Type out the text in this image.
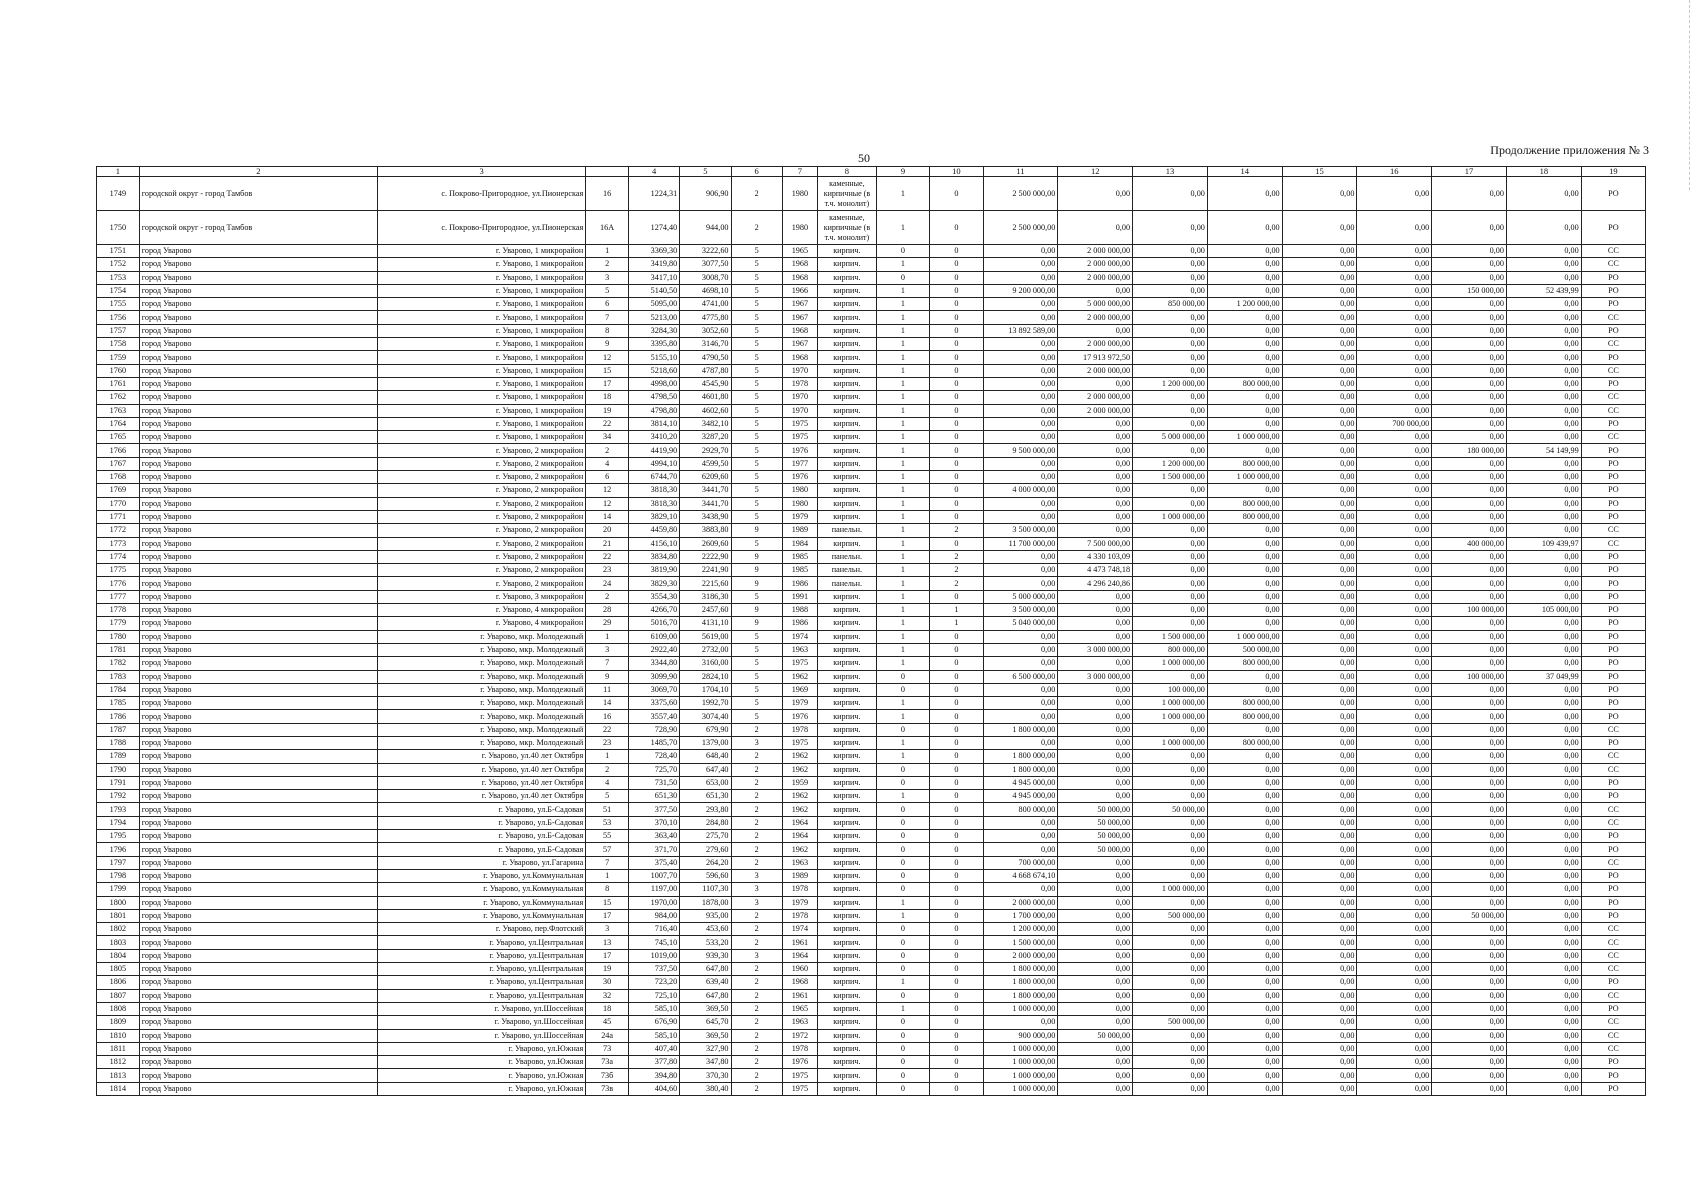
50
Продолжение приложения № 3
1	2	3		4	5	6	7	8	9	10	11	12	13	14	15	16	17	18	19
1749	городской округ - город Тамбов	с. Покрово-Пригородное, ул.Пионерская	16	1224,31	906,90	2	1980	каменные, кирпичные (в т.ч. монолит)	1	0	2 500 000,00	0,00	0,00	0,00	0,00	0,00	0,00	0,00	РО
1750	городской округ - город Тамбов	с. Покрово-Пригородное, ул.Пионерская	16А	1274,40	944,00	2	1980	каменные, кирпичные (в т.ч. монолит)	1	0	2 500 000,00	0,00	0,00	0,00	0,00	0,00	0,00	0,00	РО
1751	город Уварово	г. Уварово, 1 микрорайон	1	3369,30	3222,60	5	1965	кирпич.	0	0	0,00	2 000 000,00	0,00	0,00	0,00	0,00	0,00	0,00	СС
1752	город Уварово	г. Уварово, 1 микрорайон	2	3419,80	3077,50	5	1968	кирпич.	1	0	0,00	2 000 000,00	0,00	0,00	0,00	0,00	0,00	0,00	СС
1753	город Уварово	г. Уварово, 1 микрорайон	3	3417,10	3008,70	5	1968	кирпич.	0	0	0,00	2 000 000,00	0,00	0,00	0,00	0,00	0,00	0,00	РО
1754	город Уварово	г. Уварово, 1 микрорайон	5	5140,50	4698,10	5	1966	кирпич.	1	0	9 200 000,00	0,00	0,00	0,00	0,00	0,00	150 000,00	52 439,99	РО
1755	город Уварово	г. Уварово, 1 микрорайон	6	5095,00	4741,00	5	1967	кирпич.	1	0	0,00	5 000 000,00	850 000,00	1 200 000,00	0,00	0,00	0,00	0,00	РО
1756	город Уварово	г. Уварово, 1 микрорайон	7	5213,00	4775,80	5	1967	кирпич.	1	0	0,00	2 000 000,00	0,00	0,00	0,00	0,00	0,00	0,00	СС
1757	город Уварово	г. Уварово, 1 микрорайон	8	3284,30	3052,60	5	1968	кирпич.	1	0	13 892 589,00	0,00	0,00	0,00	0,00	0,00	0,00	0,00	РО
1758	город Уварово	г. Уварово, 1 микрорайон	9	3395,80	3146,70	5	1967	кирпич.	1	0	0,00	2 000 000,00	0,00	0,00	0,00	0,00	0,00	0,00	СС
1759	город Уварово	г. Уварово, 1 микрорайон	12	5155,10	4790,50	5	1968	кирпич.	1	0	0,00	17 913 972,50	0,00	0,00	0,00	0,00	0,00	0,00	РО
1760	город Уварово	г. Уварово, 1 микрорайон	15	5218,60	4787,80	5	1970	кирпич.	1	0	0,00	2 000 000,00	0,00	0,00	0,00	0,00	0,00	0,00	СС
1761	город Уварово	г. Уварово, 1 микрорайон	17	4998,00	4545,90	5	1978	кирпич.	1	0	0,00	0,00	1 200 000,00	800 000,00	0,00	0,00	0,00	0,00	РО
1762	город Уварово	г. Уварово, 1 микрорайон	18	4798,50	4601,80	5	1970	кирпич.	1	0	0,00	2 000 000,00	0,00	0,00	0,00	0,00	0,00	0,00	СС
1763	город Уварово	г. Уварово, 1 микрорайон	19	4798,80	4602,60	5	1970	кирпич.	1	0	0,00	2 000 000,00	0,00	0,00	0,00	0,00	0,00	0,00	СС
1764	город Уварово	г. Уварово, 1 микрорайон	22	3814,10	3482,10	5	1975	кирпич.	1	0	0,00	0,00	0,00	0,00	0,00	700 000,00	0,00	0,00	РО
1765	город Уварово	г. Уварово, 1 микрорайон	34	3410,20	3287,20	5	1975	кирпич.	1	0	0,00	0,00	5 000 000,00	1 000 000,00	0,00	0,00	0,00	0,00	СС
1766	город Уварово	г. Уварово, 2 микрорайон	2	4419,90	2929,70	5	1976	кирпич.	1	0	9 500 000,00	0,00	0,00	0,00	0,00	0,00	180 000,00	54 149,99	РО
1767	город Уварово	г. Уварово, 2 микрорайон	4	4994,10	4599,50	5	1977	кирпич.	1	0	0,00	0,00	1 200 000,00	800 000,00	0,00	0,00	0,00	0,00	РО
1768	город Уварово	г. Уварово, 2 микрорайон	6	6744,70	6209,60	5	1976	кирпич.	1	0	0,00	0,00	1 500 000,00	1 000 000,00	0,00	0,00	0,00	0,00	РО
1769	город Уварово	г. Уварово, 2 микрорайон	12	3818,30	3441,70	5	1980	кирпич.	1	0	4 000 000,00	0,00	0,00	0,00	0,00	0,00	0,00	0,00	РО
1770	город Уварово	г. Уварово, 2 микрорайон	12	3818,30	3441,70	5	1980	кирпич.	1	0	0,00	0,00	0,00	800 000,00	0,00	0,00	0,00	0,00	РО
1771	город Уварово	г. Уварово, 2 микрорайон	14	3829,10	3438,90	5	1979	кирпич.	1	0	0,00	0,00	1 000 000,00	800 000,00	0,00	0,00	0,00	0,00	РО
1772	город Уварово	г. Уварово, 2 микрорайон	20	4459,80	3883,80	9	1989	панельн.	1	2	3 500 000,00	0,00	0,00	0,00	0,00	0,00	0,00	0,00	СС
1773	город Уварово	г. Уварово, 2 микрорайон	21	4156,10	2609,60	5	1984	кирпич.	1	0	11 700 000,00	7 500 000,00	0,00	0,00	0,00	0,00	400 000,00	109 439,97	СС
1774	город Уварово	г. Уварово, 2 микрорайон	22	3834,80	2222,90	9	1985	панельн.	1	2	0,00	4 330 103,09	0,00	0,00	0,00	0,00	0,00	0,00	РО
1775	город Уварово	г. Уварово, 2 микрорайон	23	3819,90	2241,90	9	1985	панельн.	1	2	0,00	4 473 748,18	0,00	0,00	0,00	0,00	0,00	0,00	РО
1776	город Уварово	г. Уварово, 2 микрорайон	24	3829,30	2215,60	9	1986	панельн.	1	2	0,00	4 296 240,86	0,00	0,00	0,00	0,00	0,00	0,00	РО
1777	город Уварово	г. Уварово, 3 микрорайон	2	3554,30	3186,30	5	1991	кирпич.	1	0	5 000 000,00	0,00	0,00	0,00	0,00	0,00	0,00	0,00	РО
1778	город Уварово	г. Уварово, 4 микрорайон	28	4266,70	2457,60	9	1988	кирпич.	1	1	3 500 000,00	0,00	0,00	0,00	0,00	0,00	100 000,00	105 000,00	РО
1779	город Уварово	г. Уварово, 4 микрорайон	29	5016,70	4131,10	9	1986	кирпич.	1	1	5 040 000,00	0,00	0,00	0,00	0,00	0,00	0,00	0,00	РО
1780	город Уварово	г. Уварово, мкр. Молодежный	1	6109,00	5619,00	5	1974	кирпич.	1	0	0,00	0,00	1 500 000,00	1 000 000,00	0,00	0,00	0,00	0,00	РО
1781	город Уварово	г. Уварово, мкр. Молодежный	3	2922,40	2732,00	5	1963	кирпич.	1	0	0,00	3 000 000,00	800 000,00	500 000,00	0,00	0,00	0,00	0,00	РО
1782	город Уварово	г. Уварово, мкр. Молодежный	7	3344,80	3160,00	5	1975	кирпич.	1	0	0,00	0,00	1 000 000,00	800 000,00	0,00	0,00	0,00	0,00	РО
1783	город Уварово	г. Уварово, мкр. Молодежный	9	3099,90	2824,10	5	1962	кирпич.	0	0	6 500 000,00	3 000 000,00	0,00	0,00	0,00	0,00	100 000,00	37 049,99	РО
1784	город Уварово	г. Уварово, мкр. Молодежный	11	3069,70	1704,10	5	1969	кирпич.	0	0	0,00	0,00	100 000,00	0,00	0,00	0,00	0,00	0,00	РО
1785	город Уварово	г. Уварово, мкр. Молодежный	14	3375,60	1992,70	5	1979	кирпич.	1	0	0,00	0,00	1 000 000,00	800 000,00	0,00	0,00	0,00	0,00	РО
1786	город Уварово	г. Уварово, мкр. Молодежный	16	3557,40	3074,40	5	1976	кирпич.	1	0	0,00	0,00	1 000 000,00	800 000,00	0,00	0,00	0,00	0,00	РО
1787	город Уварово	г. Уварово, мкр. Молодежный	22	728,90	679,90	2	1978	кирпич.	0	0	1 800 000,00	0,00	0,00	0,00	0,00	0,00	0,00	0,00	СС
1788	город Уварово	г. Уварово, мкр. Молодежный	23	1485,70	1379,00	3	1975	кирпич.	1	0	0,00	0,00	1 000 000,00	800 000,00	0,00	0,00	0,00	0,00	РО
1789	город Уварово	г. Уварово, ул.40 лет Октября	1	728,40	648,40	2	1962	кирпич.	1	0	1 800 000,00	0,00	0,00	0,00	0,00	0,00	0,00	0,00	СС
1790	город Уварово	г. Уварово, ул.40 лет Октября	2	725,70	647,40	2	1962	кирпич.	0	0	1 800 000,00	0,00	0,00	0,00	0,00	0,00	0,00	0,00	СС
1791	город Уварово	г. Уварово, ул.40 лет Октября	4	731,50	653,00	2	1959	кирпич.	0	0	4 945 000,00	0,00	0,00	0,00	0,00	0,00	0,00	0,00	РО
1792	город Уварово	г. Уварово, ул.40 лет Октября	5	651,30	651,30	2	1962	кирпич.	1	0	4 945 000,00	0,00	0,00	0,00	0,00	0,00	0,00	0,00	РО
1793	город Уварово	г. Уварово, ул.Б-Садовая	51	377,50	293,80	2	1962	кирпич.	0	0	800 000,00	50 000,00	50 000,00	0,00	0,00	0,00	0,00	0,00	СС
1794	город Уварово	г. Уварово, ул.Б-Садовая	53	370,10	284,80	2	1964	кирпич.	0	0	0,00	50 000,00	0,00	0,00	0,00	0,00	0,00	0,00	СС
1795	город Уварово	г. Уварово, ул.Б-Садовая	55	363,40	275,70	2	1964	кирпич.	0	0	0,00	50 000,00	0,00	0,00	0,00	0,00	0,00	0,00	РО
1796	город Уварово	г. Уварово, ул.Б-Садовая	57	371,70	279,60	2	1962	кирпич.	0	0	0,00	50 000,00	0,00	0,00	0,00	0,00	0,00	0,00	РО
1797	город Уварово	г. Уварово, ул.Гагарина	7	375,40	264,20	2	1963	кирпич.	0	0	700 000,00	0,00	0,00	0,00	0,00	0,00	0,00	0,00	СС
1798	город Уварово	г. Уварово, ул.Коммунальная	1	1007,70	596,60	3	1989	кирпич.	0	0	4 668 674,10	0,00	0,00	0,00	0,00	0,00	0,00	0,00	РО
1799	город Уварово	г. Уварово, ул.Коммунальная	8	1197,00	1107,30	3	1978	кирпич.	0	0	0,00	0,00	1 000 000,00	0,00	0,00	0,00	0,00	0,00	РО
1800	город Уварово	г. Уварово, ул.Коммунальная	15	1970,00	1878,00	3	1979	кирпич.	1	0	2 000 000,00	0,00	0,00	0,00	0,00	0,00	0,00	0,00	РО
1801	город Уварово	г. Уварово, ул.Коммунальная	17	984,00	935,00	2	1978	кирпич.	1	0	1 700 000,00	0,00	500 000,00	0,00	0,00	0,00	50 000,00	0,00	РО
1802	город Уварово	г. Уварово, пер.Флотский	3	716,40	453,60	2	1974	кирпич.	0	0	1 200 000,00	0,00	0,00	0,00	0,00	0,00	0,00	0,00	СС
1803	город Уварово	г. Уварово, ул.Центральная	13	745,10	533,20	2	1961	кирпич.	0	0	1 500 000,00	0,00	0,00	0,00	0,00	0,00	0,00	0,00	СС
1804	город Уварово	г. Уварово, ул.Центральная	17	1019,00	939,30	3	1964	кирпич.	0	0	2 000 000,00	0,00	0,00	0,00	0,00	0,00	0,00	0,00	СС
1805	город Уварово	г. Уварово, ул.Центральная	19	737,50	647,80	2	1960	кирпич.	0	0	1 800 000,00	0,00	0,00	0,00	0,00	0,00	0,00	0,00	СС
1806	город Уварово	г. Уварово, ул.Центральная	30	723,20	639,40	2	1968	кирпич.	1	0	1 800 000,00	0,00	0,00	0,00	0,00	0,00	0,00	0,00	РО
1807	город Уварово	г. Уварово, ул.Центральная	32	725,10	647,80	2	1961	кирпич.	0	0	1 800 000,00	0,00	0,00	0,00	0,00	0,00	0,00	0,00	СС
1808	город Уварово	г. Уварово, ул.Шоссейная	18	585,10	369,50	2	1965	кирпич.	1	0	1 000 000,00	0,00	0,00	0,00	0,00	0,00	0,00	0,00	РО
1809	город Уварово	г. Уварово, ул.Шоссейная	45	676,90	645,70	2	1963	кирпич.	0	0	0,00	0,00	500 000,00	0,00	0,00	0,00	0,00	0,00	СС
1810	город Уварово	г. Уварово, ул.Шоссейная	24а	585,10	369,50	2	1972	кирпич.	0	0	900 000,00	50 000,00	0,00	0,00	0,00	0,00	0,00	0,00	СС
1811	город Уварово	г. Уварово, ул.Южная	73	407,40	327,90	2	1978	кирпич.	0	0	1 000 000,00	0,00	0,00	0,00	0,00	0,00	0,00	0,00	СС
1812	город Уварово	г. Уварово, ул.Южная	73а	377,80	347,80	2	1976	кирпич.	0	0	1 000 000,00	0,00	0,00	0,00	0,00	0,00	0,00	0,00	РО
1813	город Уварово	г. Уварово, ул.Южная	73б	394,80	370,30	2	1975	кирпич.	0	0	1 000 000,00	0,00	0,00	0,00	0,00	0,00	0,00	0,00	РО
1814	город Уварово	г. Уварово, ул.Южная	73в	404,60	380,40	2	1975	кирпич.	0	0	1 000 000,00	0,00	0,00	0,00	0,00	0,00	0,00	0,00	РО
